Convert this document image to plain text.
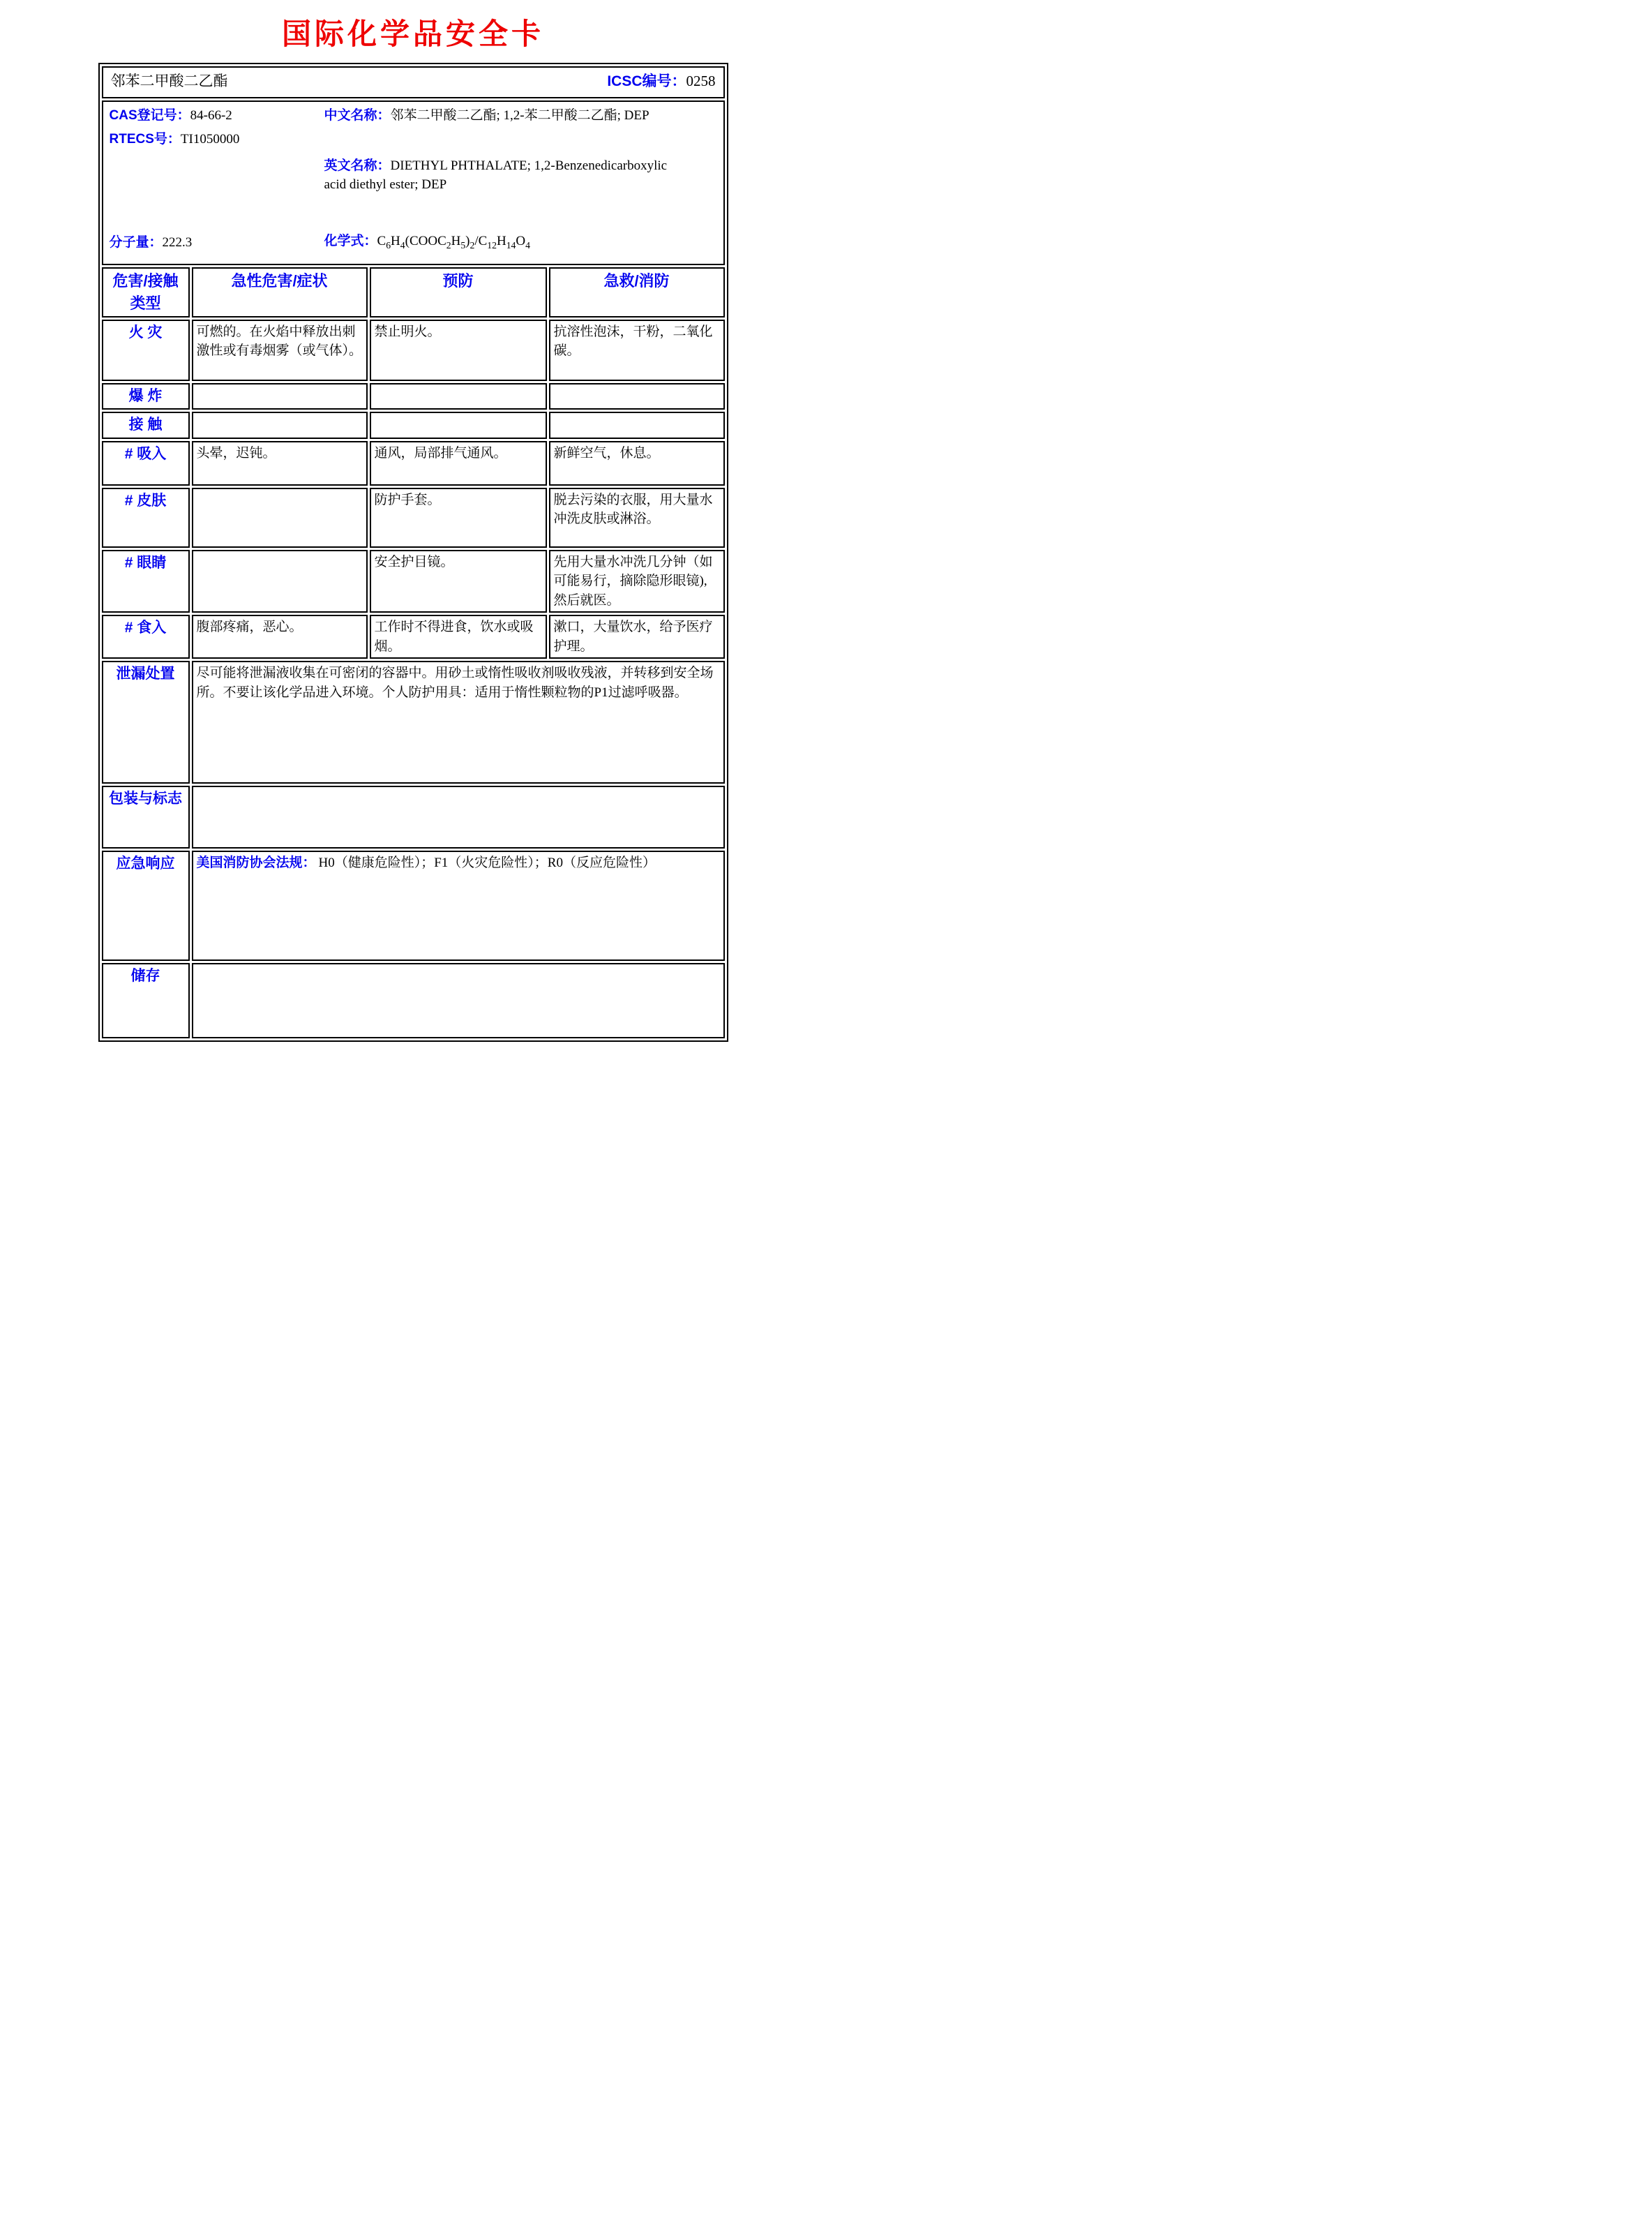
国际化学品安全卡
邻苯二甲酸二乙酯 ICSC编号：0258			

CAS登记号：84-66-2

RTECS号：TI1050000

分子量：222.3

中文名称：邻苯二甲酸二乙酯; 1,2-苯二甲酸二乙酯; DEP

英文名称：DIETHYL PHTHALATE; 1,2-Benzenedicarboxylic acid diethyl ester; DEP

化学式：$C_6H_4(COOC_2H_5)_2/C_{12}H_{14}O_4$

危害/接触类型	急性危害/症状	预防	急救/消防
火 灾	可燃的。在火焰中释放出刺激性或有毒烟雾（或气体）。	禁止明火。	抗溶性泡沫，干粉，二氧化碳。
爆 炸			
接 触			
# 吸入	头晕，迟钝。	通风，局部排气通风。	新鲜空气，休息。
# 皮肤		防护手套。	脱去污染的衣服，用大量水冲洗皮肤或淋浴。
# 眼睛		安全护目镜。	先用大量水冲洗几分钟（如可能易行，摘除隐形眼镜),然后就医。
# 食入	腹部疼痛，恶心。	工作时不得进食，饮水或吸烟。	漱口，大量饮水，给予医疗护理。
泄漏处置	尽可能将泄漏液收集在可密闭的容器中。用砂土或惰性吸收剂吸收残液，并转移到安全场所。不要让该化学品进入环境。个人防护用具：适用于惰性颗粒物的P1过滤呼吸器。		
包装与标志			
应急响应	美国消防协会法规： H0（健康危险性）；F1（火灾危险性）；R0（反应危险性）		
储存			
